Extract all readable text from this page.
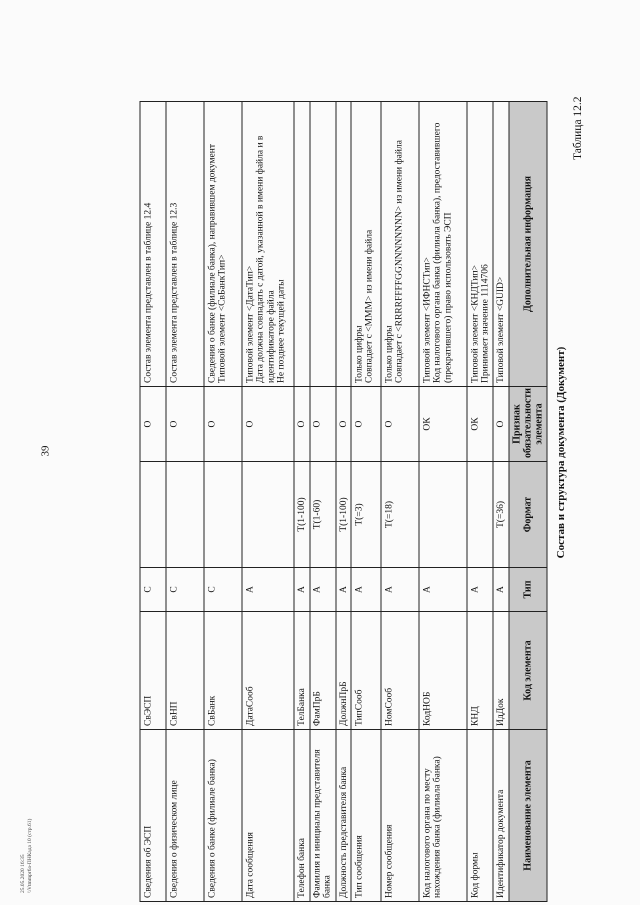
39
25.05.2020 16:35 \\Vtmmpr6a-ПНКада 10 (стр.61)
Таблица 12.2
Состав и структура документа (Документ)
Наименование элемента	Код элемента	Тип	Формат	Признак обязательности элемента	Дополнительная информация
Идентификатор документа	ИдДок	А	T(=36)	О	Типовой элемент <GUID>
Код формы	КНД	А		ОК	Типовой элемент <КНДТип>
Принимает значение 1114706
Код налогового органа по месту нахождения банка (филиала банка)	КодНОБ	А		ОК	Типовой элемент <ИФНСТип>
Код налогового органа банка (филиала банка), предоставившего (прекратившего) право использовать ЭСП
Номер сообщения	НомСооб	А	T(=18)	О	Только цифры
Совпадает с <RRRRFFFFGGNNNNNNNN> из имени файла
Тип сообщения	ТипСооб	А	T(=3)	О	Только цифры
Совпадает с <МММ> из имени файла
Должность представителя банка	ДолжнПрБ	А	T(1-100)	О	
Фамилия и инициалы представителя банка	ФамПрБ	А	T(1-60)	О	
Телефон банка	ТелБанка	А	T(1-100)	О	
Дата сообщения	ДатаСооб	А		О	Типовой элемент <ДатаТип>
Дата должна совпадать с датой, указанной в имени файла и в идентификаторе файла
Не позднее текущей даты
Сведения о банке (филиале банка)	СвБанк	С		О	Сведения о банке (филиале банка), направившем документ
Типовой элемент <СвБанкТип>
Сведения о физическом лице	СвНП	С		О	Состав элемента представлен в таблице 12.3
Сведения об ЭСП	СвЭСП	С		О	Состав элемента представлен в таблице 12.4
